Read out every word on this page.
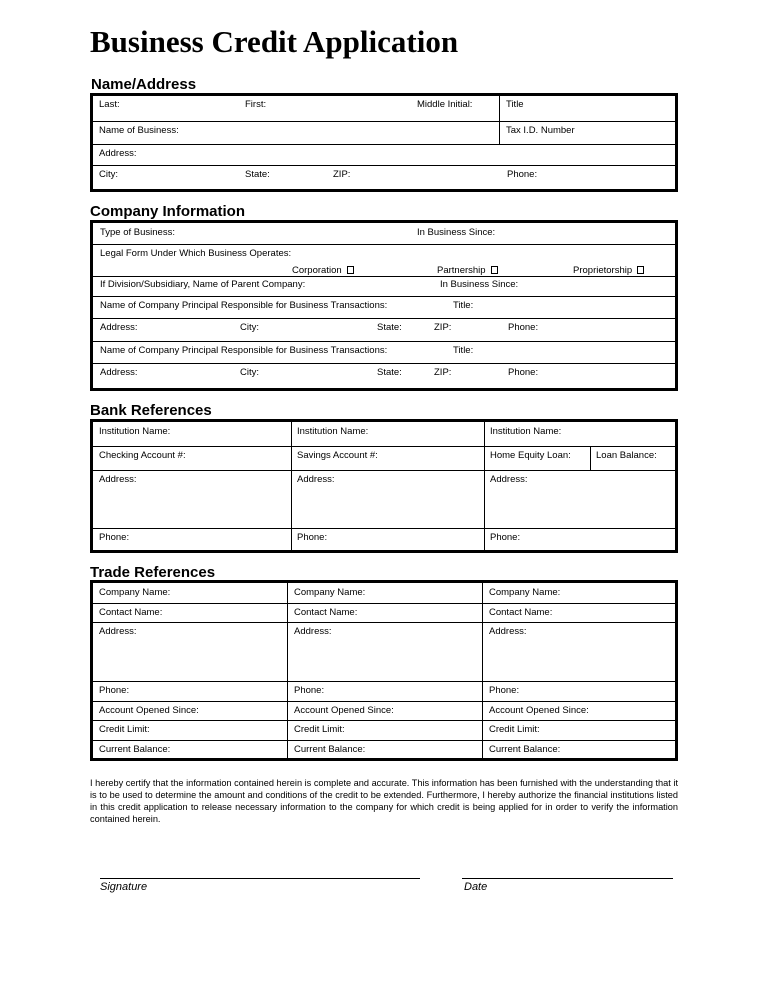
Business Credit Application
Name/Address
Last:	First:	Middle Initial:	Title
Name of Business:	Tax I.D. Number
Address:
City:	State:	ZIP:	Phone:
Company Information
Type of Business:	In Business Since:
Legal Form Under Which Business Operates:
Corporation	Partnership	Proprietorship
If Division/Subsidiary, Name of Parent Company:	In Business Since:
Name of Company Principal Responsible for Business Transactions:	Title:
Address:	City:	State:	ZIP:	Phone:
Name of Company Principal Responsible for Business Transactions:	Title:
Address:	City:	State:	ZIP:	Phone:
Bank References
Institution Name:	Institution Name:	Institution Name:
Checking Account #:	Savings Account #:	Home Equity Loan:	Loan Balance:
Address:	Address:	Address:
Phone:	Phone:	Phone:
Trade References
Company Name:	Company Name:	Company Name:
Contact Name:	Contact Name:	Contact Name:
Address:	Address:	Address:
Phone:	Phone:	Phone:
Account Opened Since:	Account Opened Since:	Account Opened Since:
Credit Limit:	Credit Limit:	Credit Limit:
Current Balance:	Current Balance:	Current Balance:
I hereby certify that the information contained herein is complete and accurate. This information has been furnished with the understanding that it is to be used to determine the amount and conditions of the credit to be extended. Furthermore, I hereby authorize the financial institutions listed in this credit application to release necessary information to the company for which credit is being applied for in order to verify the information contained herein.
Signature	Date
